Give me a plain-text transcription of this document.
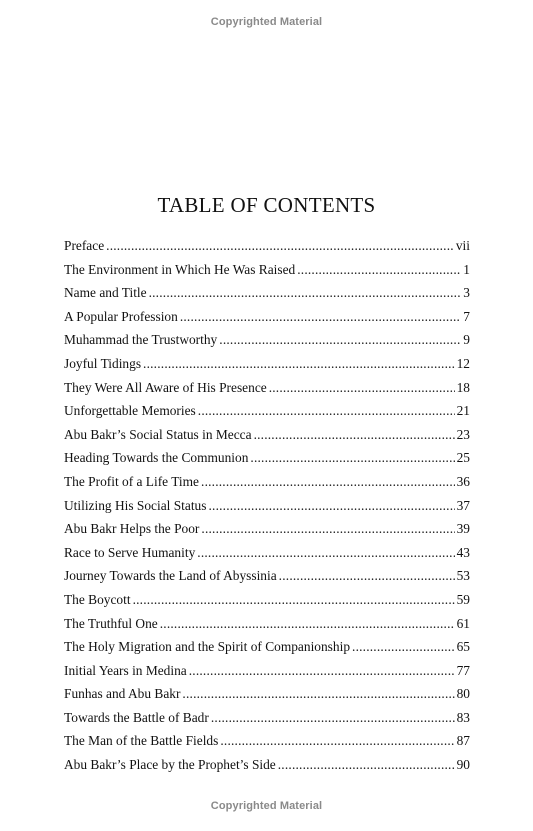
Copyrighted Material
TABLE OF CONTENTS
Preface .....	vii
The Environment in Which He Was Raised .....	1
Name and Title .....	3
A Popular Profession .....	7
Muhammad the Trustworthy .....	9
Joyful Tidings .....	12
They Were All Aware of His Presence .....	18
Unforgettable Memories .....	21
Abu Bakr’s Social Status in Mecca .....	23
Heading Towards the Communion .....	25
The Profit of a Life Time .....	36
Utilizing His Social Status .....	37
Abu Bakr Helps the Poor .....	39
Race to Serve Humanity .....	43
Journey Towards the Land of Abyssinia .....	53
The Boycott .....	59
The Truthful One .....	61
The Holy Migration and the Spirit of Companionship .....	65
Initial Years in Medina .....	77
Funhas and Abu Bakr .....	80
Towards the Battle of Badr .....	83
The Man of the Battle Fields .....	87
Abu Bakr’s Place by the Prophet’s Side .....	90
Copyrighted Material
